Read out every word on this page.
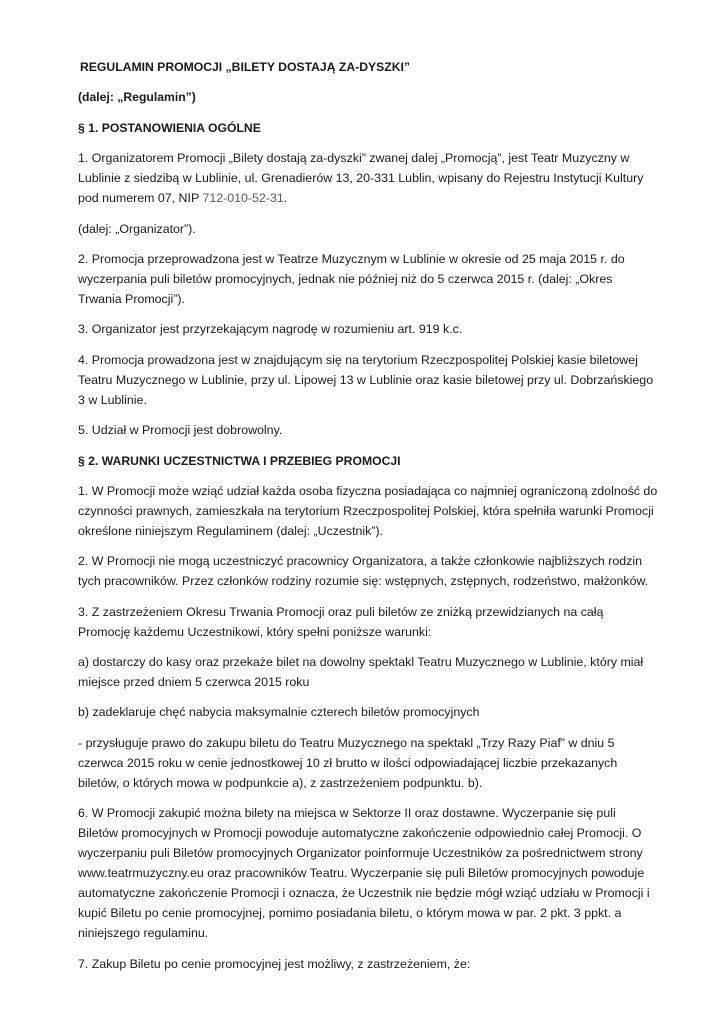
REGULAMIN PROMOCJI „BILETY DOSTAJĄ ZA-DYSZKI”

(dalej: „Regulamin”)

§ 1. POSTANOWIENIA OGÓLNE

1. Organizatorem Promocji „Bilety dostają za-dyszki” zwanej dalej „Promocją”, jest Teatr Muzyczny w Lublinie z siedzibą w Lublinie, ul. Grenadierów 13, 20-331 Lublin, wpisany do Rejestru Instytucji Kultury pod numerem 07, NIP 712-010-52-31.

(dalej: „Organizator”).

2. Promocja przeprowadzona jest w Teatrze Muzycznym w Lublinie w okresie od 25 maja 2015 r. do wyczerpania puli biletów promocyjnych, jednak nie później niż do 5 czerwca 2015 r. (dalej: „Okres Trwania Promocji”).

3. Organizator jest przyrzekającym nagrodę w rozumieniu art. 919 k.c.

4. Promocja prowadzona jest w znajdującym się na terytorium Rzeczpospolitej Polskiej kasie biletowej Teatru Muzycznego w Lublinie, przy ul. Lipowej 13 w Lublinie oraz kasie biletowej przy ul. Dobrzańskiego 3 w Lublinie.

5. Udział w Promocji jest dobrowolny.

§ 2. WARUNKI UCZESTNICTWA I PRZEBIEG PROMOCJI

1. W Promocji może wziąć udział każda osoba fizyczna posiadająca co najmniej ograniczoną zdolność do czynności prawnych, zamieszkała na terytorium Rzeczpospolitej Polskiej, która spełniła warunki Promocji określone niniejszym Regulaminem (dalej: „Uczestnik”).

2. W Promocji nie mogą uczestniczyć pracownicy Organizatora, a także członkowie najbliższych rodzin tych pracowników. Przez członków rodziny rozumie się: wstępnych, zstępnych, rodzeństwo, małżonków.

3. Z zastrzeżeniem Okresu Trwania Promocji oraz puli biletów ze zniżką przewidzianych na całą Promocję każdemu Uczestnikowi, który spełni poniższe warunki:

a) dostarczy do kasy oraz przekaże bilet na dowolny spektakl Teatru Muzycznego w Lublinie, który miał miejsce przed dniem 5 czerwca 2015 roku

b) zadeklaruje chęć nabycia maksymalnie czterech biletów promocyjnych

- przysługuje prawo do zakupu biletu do Teatru Muzycznego na spektakl „Trzy Razy Piaf” w dniu 5 czerwca 2015 roku w cenie jednostkowej 10 zł brutto w ilości odpowiadającej liczbie przekazanych biletów, o których mowa w podpunkcie a), z zastrzeżeniem podpunktu. b).

6. W Promocji zakupić można bilety na miejsca w Sektorze II oraz dostawne. Wyczerpanie się puli Biletów promocyjnych w Promocji powoduje automatyczne zakończenie odpowiednio całej Promocji. O wyczerpaniu puli Biletów promocyjnych Organizator poinformuje Uczestników za pośrednictwem strony www.teatrmuzyczny.eu oraz pracowników Teatru. Wyczerpanie się puli Biletów promocyjnych powoduje automatyczne zakończenie Promocji i oznacza, że Uczestnik nie będzie mógł wziąć udziału w Promocji i kupić Biletu po cenie promocyjnej, pomimo posiadania biletu, o którym mowa w par. 2 pkt. 3 ppkt. a niniejszego regulaminu.

7. Zakup Biletu po cenie promocyjnej jest możliwy, z zastrzeżeniem, że:
